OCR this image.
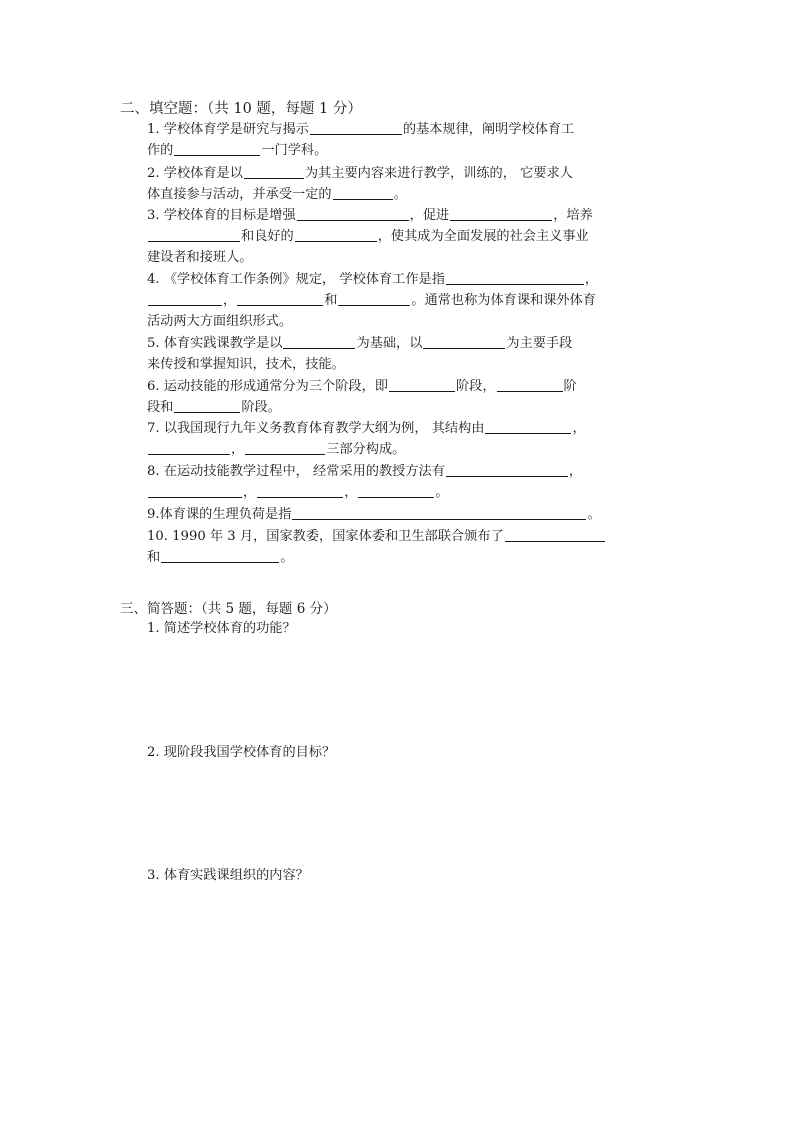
二、填空题：（共 10 题，每题 1 分）
1. 学校体育学是研究与揭示	的基本规律，阐明学校体育工
作的	一门学科。
2. 学校体育是以	为其主要内容来进行教学，训练的， 它要求人
体直接参与活动，并承受一定的	。
3. 学校体育的目标是增强	，促进	，培养
和良好的	，使其成为全面发展的社会主义事业
建设者和接班人。
4. 《学校体育工作条例》规定， 学校体育工作是指	，
，	和	。通常也称为体育课和课外体育
活动两大方面组织形式。
5. 体育实践课教学是以	为基础，以	为主要手段
来传授和掌握知识，技术，技能。
6. 运动技能的形成通常分为三个阶段，即	阶段，	阶
段和	阶段。
7. 以我国现行九年义务教育体育教学大纲为例， 其结构由	，
，	三部分构成。
8. 在运动技能教学过程中， 经常采用的教授方法有	，
，	，	。
9.体育课的生理负荷是指	。
10. 1990 年 3 月，国家教委，国家体委和卫生部联合颁布了
和	。
三、简答题：（共 5 题，每题 6 分）
1. 简述学校体育的功能？
2. 现阶段我国学校体育的目标？
3. 体育实践课组织的内容？
